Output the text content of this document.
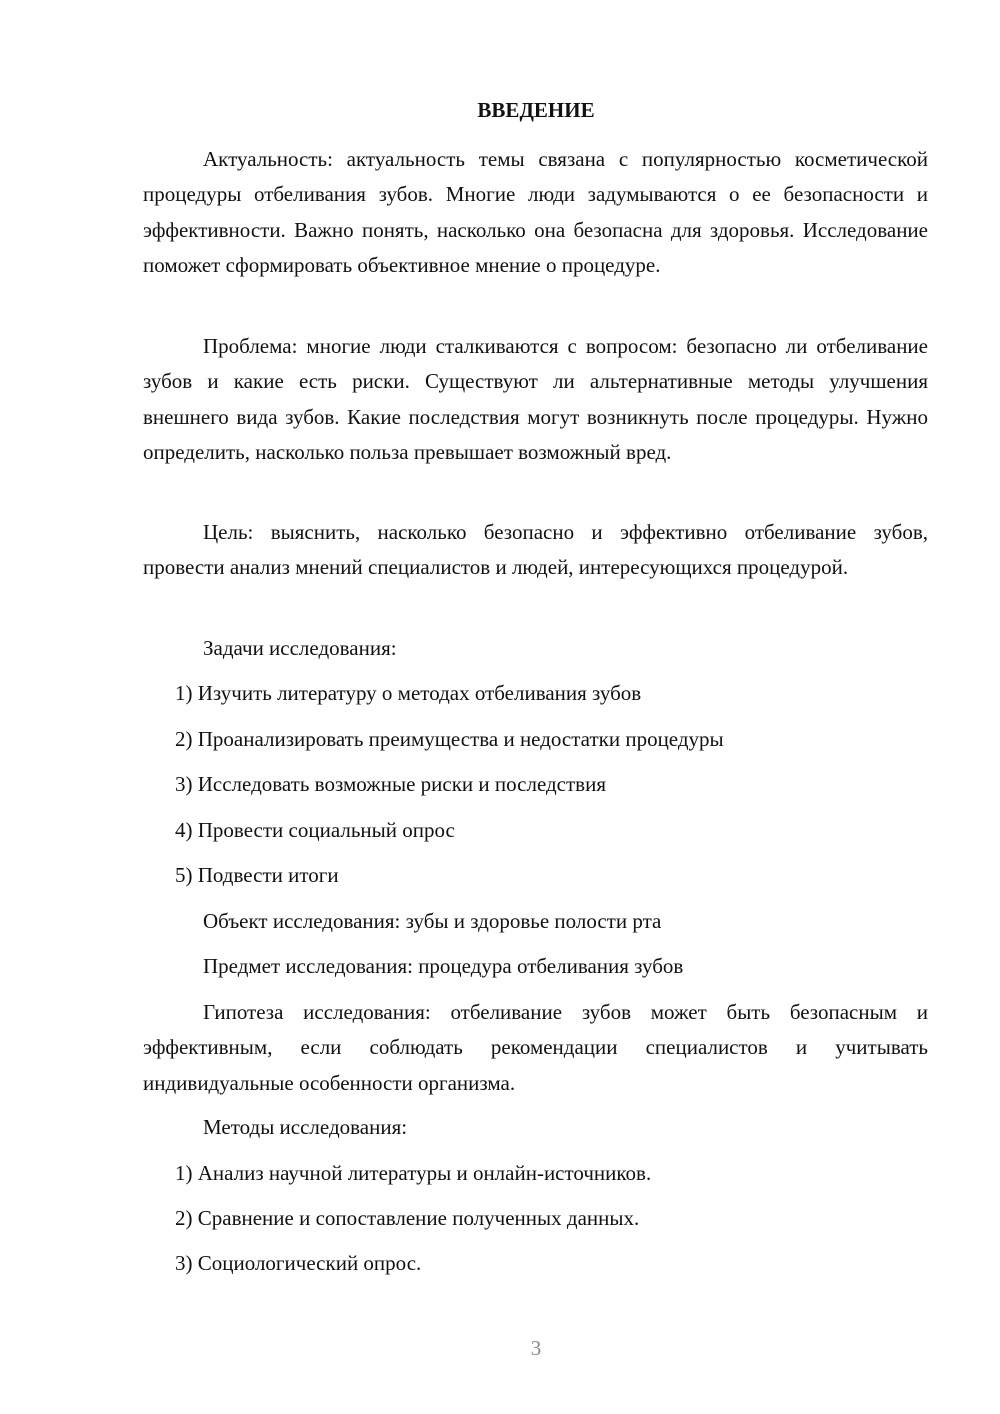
ВВЕДЕНИЕ

Актуальность: актуальность темы связана с популярностью косметической процедуры отбеливания зубов. Многие люди задумываются о ее безопасности и эффективности. Важно понять, насколько она безопасна для здоровья. Исследование поможет сформировать объективное мнение о процедуре.

Проблема: многие люди сталкиваются с вопросом: безопасно ли отбеливание зубов и какие есть риски. Существуют ли альтернативные методы улучшения внешнего вида зубов. Какие последствия могут возникнуть после процедуры. Нужно определить, насколько польза превышает возможный вред.

Цель: выяснить, насколько безопасно и эффективно отбеливание зубов, провести анализ мнений специалистов и людей, интересующихся процедурой.

Задачи исследования:
1) Изучить литературу о методах отбеливания зубов
2) Проанализировать преимущества и недостатки процедуры
3) Исследовать возможные риски и последствия
4) Провести социальный опрос
5) Подвести итоги
Объект исследования: зубы и здоровье полости рта
Предмет исследования: процедура отбеливания зубов

Гипотеза исследования: отбеливание зубов может быть безопасным и эффективным, если соблюдать рекомендации специалистов и учитывать индивидуальные особенности организма.

Методы исследования:
1) Анализ научной литературы и онлайн-источников.
2) Сравнение и сопоставление полученных данных.
3) Социологический опрос.
3
